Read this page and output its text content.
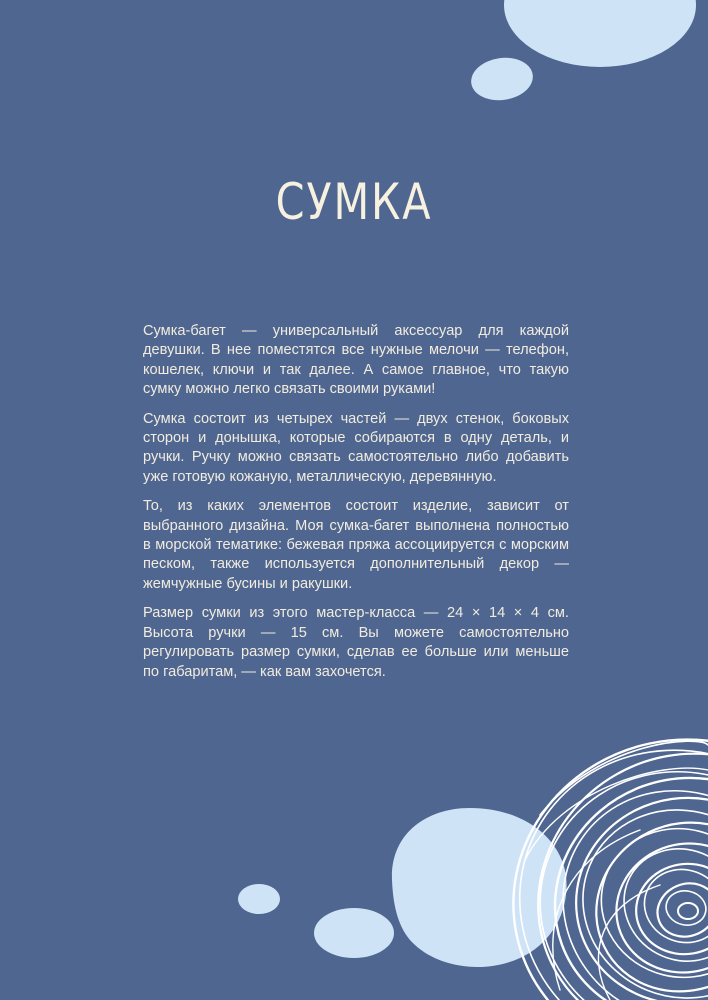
СУМКА

Сумка-багет — универсальный аксессуар для каждой девушки. В нее поместятся все нужные мелочи — телефон, кошелек, ключи и так далее. А самое главное, что такую сумку можно легко связать своими руками!

Сумка состоит из четырех частей — двух стенок, боковых сторон и донышка, которые собираются в одну деталь, и ручки. Ручку можно связать самостоятельно либо добавить уже готовую кожаную, металлическую, деревянную.

То, из каких элементов состоит изделие, зависит от выбранного дизайна. Моя сумка-багет выполнена полностью в морской тематике: бежевая пряжа ассоциируется с морским песком, также используется дополнительный декор — жемчужные бусины и ракушки.

Размер сумки из этого мастер-класса — 24 × 14 × 4 см. Высота ручки — 15 см. Вы можете самостоятельно регулировать размер сумки, сделав ее больше или меньше по габаритам, — как вам захочется.
